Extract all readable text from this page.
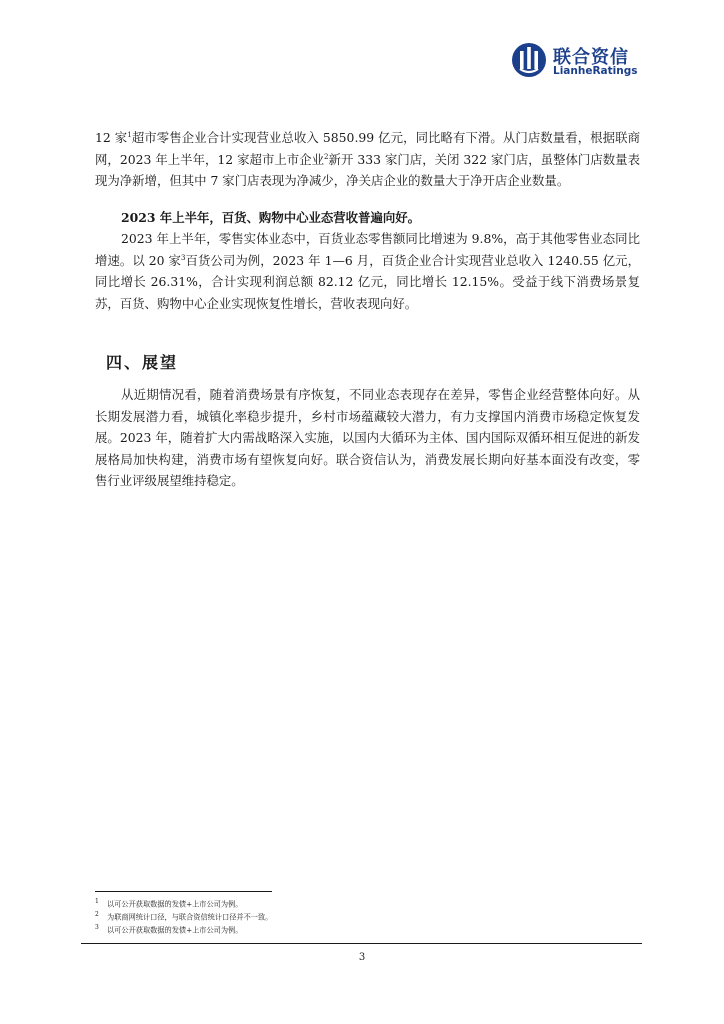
联合资信
LianheRatings

12 家$^1$超市零售企业合计实现营业总收入 5850.99 亿元，同比略有下滑。从门店数量看，根据联商网，2023 年上半年，12 家超市上市企业$^2$新开 333 家门店，关闭 322 家门店，虽整体门店数量表现为净新增，但其中 7 家门店表现为净减少，净关店企业的数量大于净开店企业数量。

2023 年上半年，百货、购物中心业态营收普遍向好。

2023 年上半年，零售实体业态中，百货业态零售额同比增速为 9.8%，高于其他零售业态同比增速。以 20 家$^3$百货公司为例，2023 年 1—6 月，百货企业合计实现营业总收入 1240.55 亿元，同比增长 26.31%，合计实现利润总额 82.12 亿元，同比增长 12.15%。受益于线下消费场景复苏，百货、购物中心企业实现恢复性增长，营收表现向好。

四、展望

从近期情况看，随着消费场景有序恢复，不同业态表现存在差异，零售企业经营整体向好。从长期发展潜力看，城镇化率稳步提升，乡村市场蕴藏较大潜力，有力支撑国内消费市场稳定恢复发展。2023 年，随着扩大内需战略深入实施，以国内大循环为主体、国内国际双循环相互促进的新发展格局加快构建，消费市场有望恢复向好。联合资信认为，消费发展长期向好基本面没有改变，零售行业评级展望维持稳定。

1 以可公开获取数据的发债+上市公司为例。
2 为联商网统计口径，与联合资信统计口径并不一致。
3 以可公开获取数据的发债+上市公司为例。
3
